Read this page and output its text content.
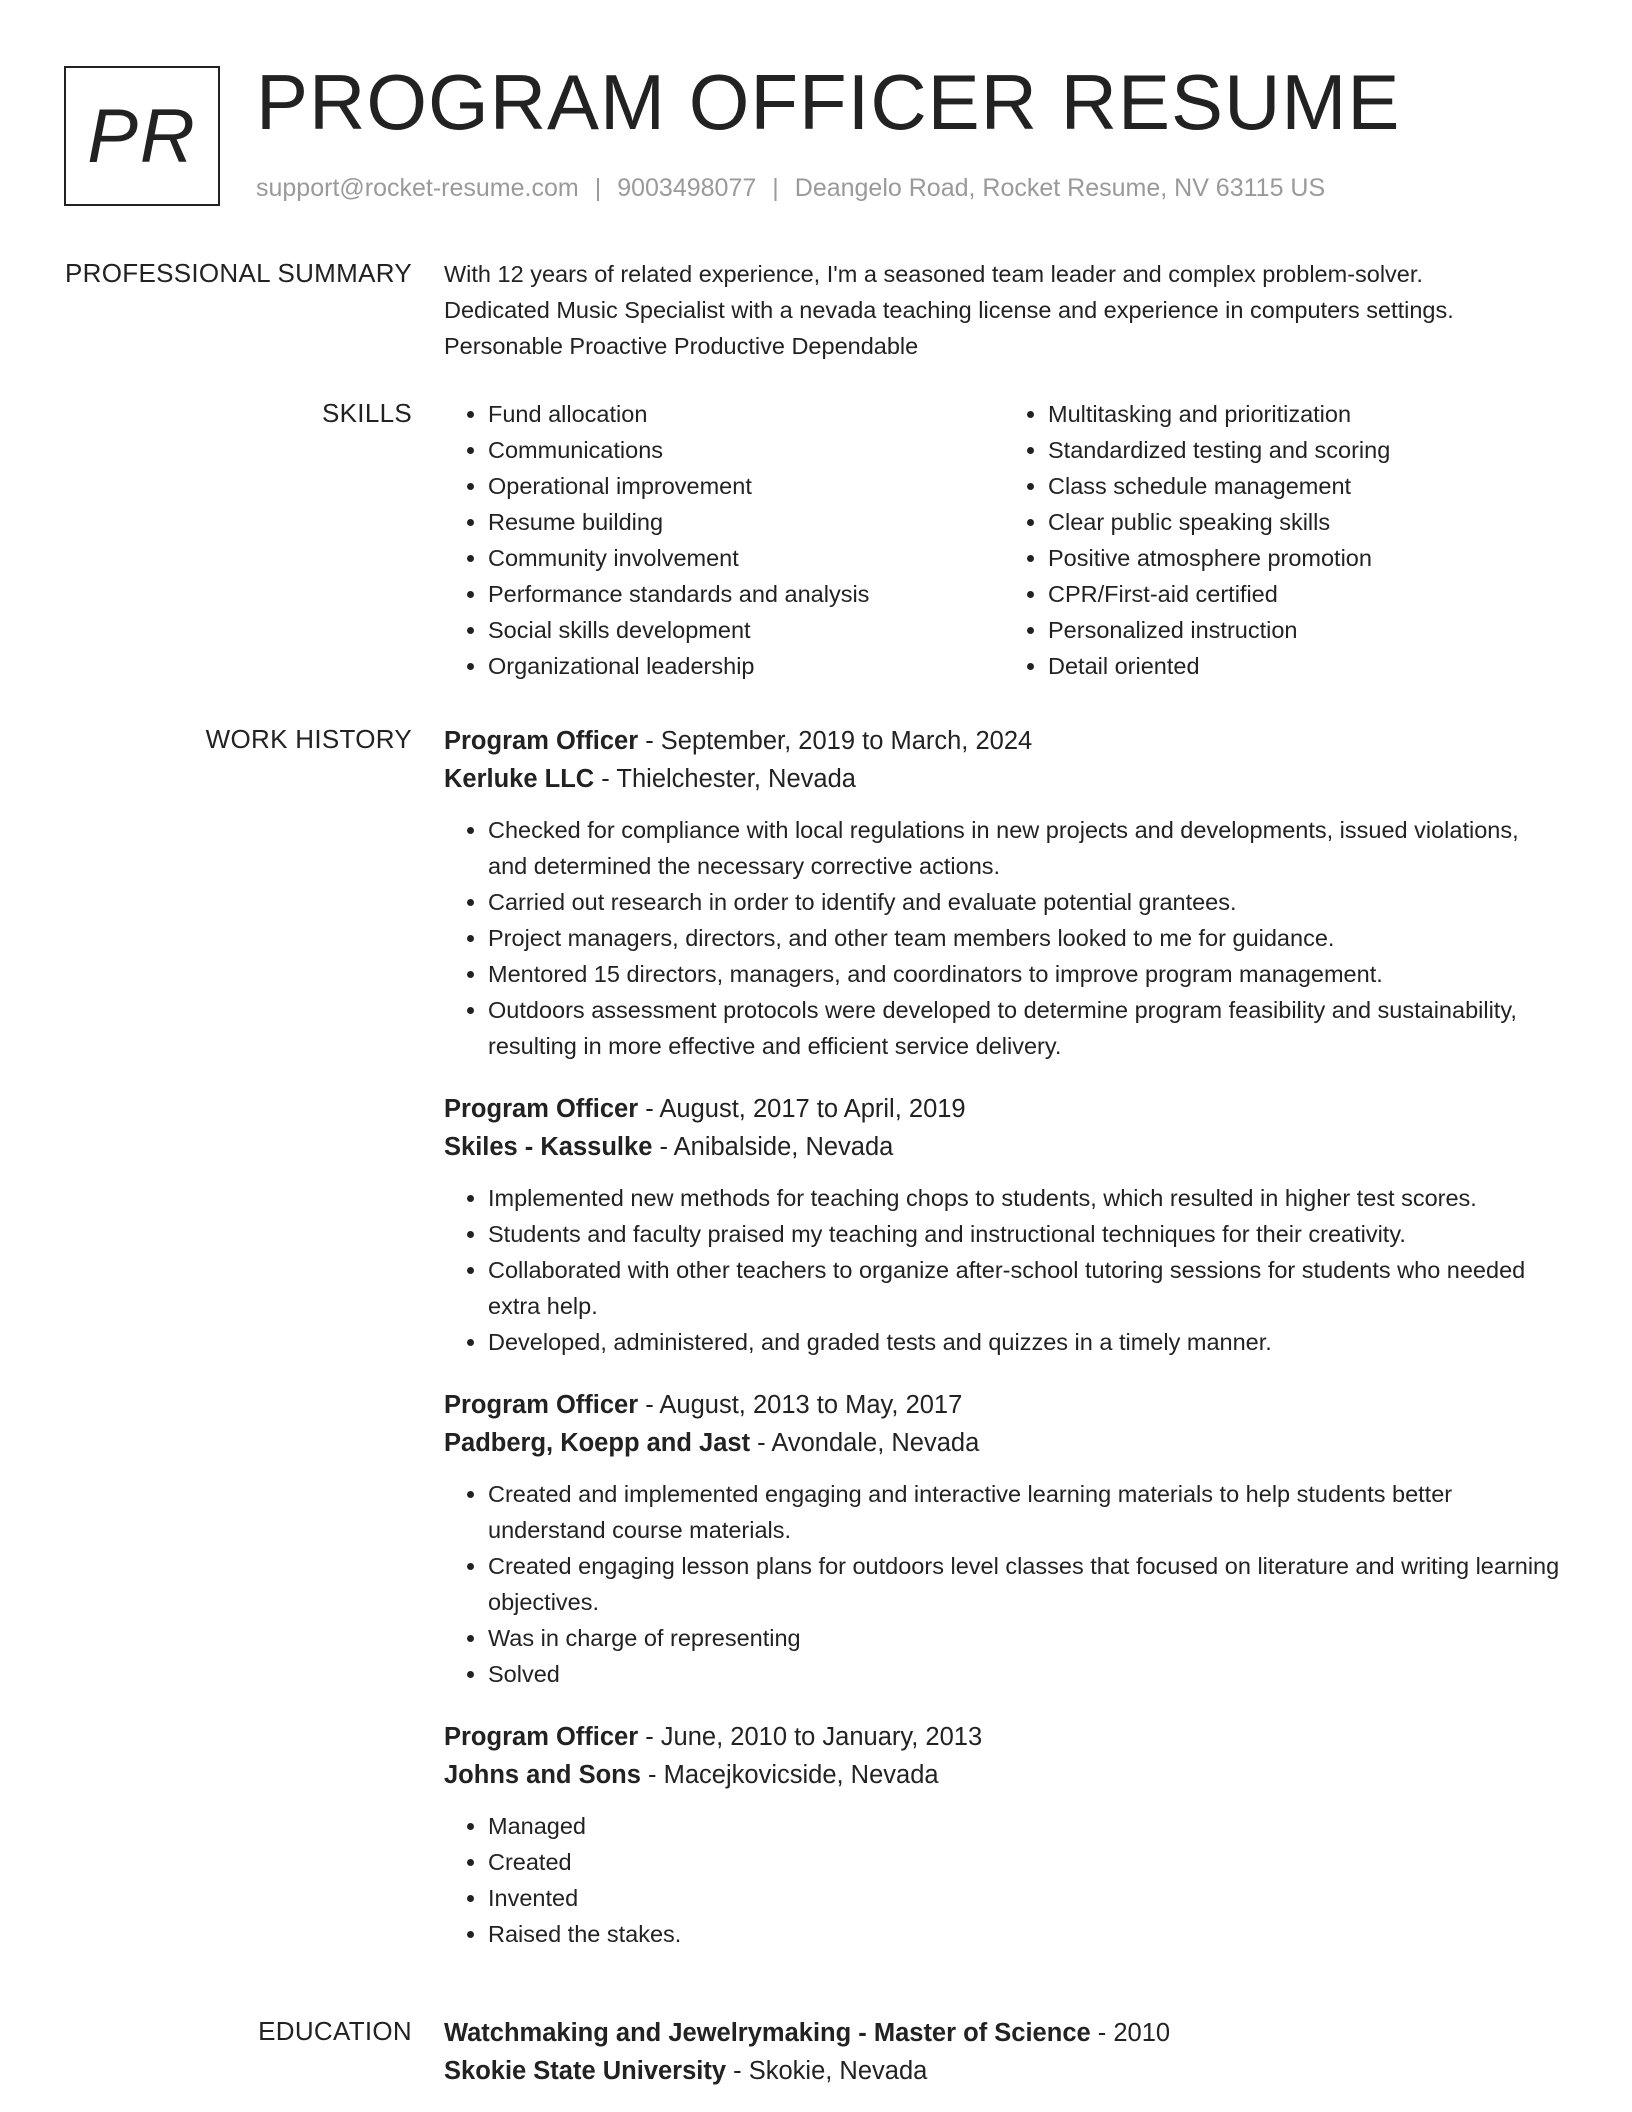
PR PROGRAM OFFICER RESUME
support@rocket-resume.com | 9003498077 | Deangelo Road, Rocket Resume, NV 63115 US
PROFESSIONAL SUMMARY With 12 years of related experience, I'm a seasoned team leader and complex problem-solver.

Dedicated Music Specialist with a nevada teaching license and experience in computers settings.

Personable Proactive Productive Dependable

SKILLS
•	Fund allocation
• Communications
• Operational improvement
• Resume building
• Community involvement
• Performance standards and analysis
• Social skills development
• Organizational leadership
• Multitasking and prioritization
• Standardized testing and scoring
• Class schedule management
• Clear public speaking skills
• Positive atmosphere promotion
• CPR/First-aid certified
• Personalized instruction
• Detail oriented
WORK HISTORY Program Officer - September, 2019 to March, 2024
Kerluke LLC - Thielchester, Nevada
• Checked for compliance with local regulations in new projects and developments, issued violations, and determined the necessary corrective actions.
• Carried out research in order to identify and evaluate potential grantees.
• Project managers, directors, and other team members looked to me for guidance.
• Mentored 15 directors, managers, and coordinators to improve program management.
• Outdoors assessment protocols were developed to determine program feasibility and sustainability, resulting in more effective and efficient service delivery.
Program Officer - August, 2017 to April, 2019
Skiles - Kassulke - Anibalside, Nevada
• Implemented new methods for teaching chops to students, which resulted in higher test scores.
• Students and faculty praised my teaching and instructional techniques for their creativity.
• Collaborated with other teachers to organize after-school tutoring sessions for students who needed extra help.
• Developed, administered, and graded tests and quizzes in a timely manner.
Program Officer - August, 2013 to May, 2017
Padberg, Koepp and Jast - Avondale, Nevada
• Created and implemented engaging and interactive learning materials to help students better understand course materials.
• Created engaging lesson plans for outdoors level classes that focused on literature and writing learning objectives.
• Was in charge of representing
• Solved
Program Officer - June, 2010 to January, 2013
Johns and Sons - Macejkovicside, Nevada
• Managed
• Created
• Invented
• Raised the stakes.
EDUCATION Watchmaking and Jewelrymaking - Master of Science - 2010
Skokie State University - Skokie, Nevada
